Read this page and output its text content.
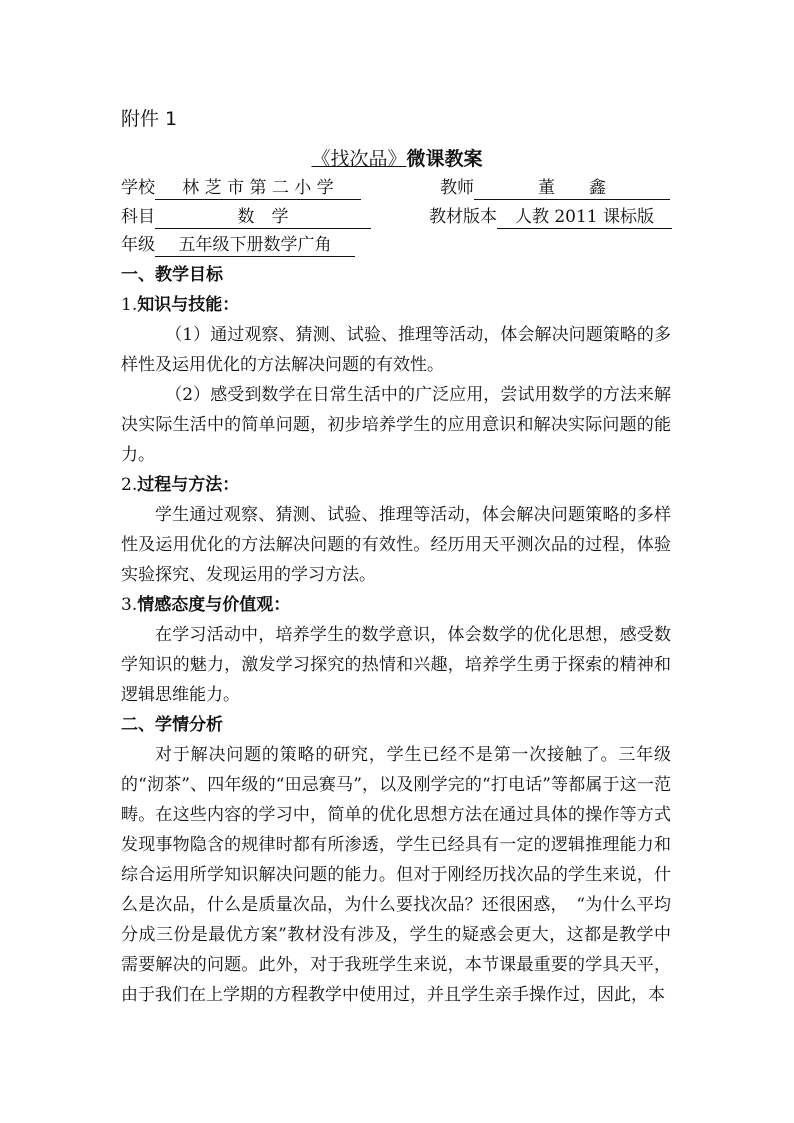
附件 1
《找次品》微课教案
学校 林 芝 市 第 二 小 学	教师	董　　鑫
科目	数　学	教材版本 人教 2011 课标版
年级 五年级下册数学广角

一、教学目标

1.知识与技能：

（1）通过观察、猜测、试验、推理等活动，体会解决问题策略的多样性及运用优化的方法解决问题的有效性。

（2）感受到数学在日常生活中的广泛应用，尝试用数学的方法来解决实际生活中的简单问题，初步培养学生的应用意识和解决实际问题的能力。

2.过程与方法：

学生通过观察、猜测、试验、推理等活动，体会解决问题策略的多样性及运用优化的方法解决问题的有效性。经历用天平测次品的过程，体验实验探究、发现运用的学习方法。

3.情感态度与价值观：

在学习活动中，培养学生的数学意识，体会数学的优化思想，感受数学知识的魅力，激发学习探究的热情和兴趣，培养学生勇于探索的精神和逻辑思维能力。

二、学情分析

对于解决问题的策略的研究，学生已经不是第一次接触了。三年级的“沏茶”、四年级的“田忌赛马”，以及刚学完的“打电话”等都属于这一范畴。在这些内容的学习中，简单的优化思想方法在通过具体的操作等方式发现事物隐含的规律时都有所渗透，学生已经具有一定的逻辑推理能力和综合运用所学知识解决问题的能力。但对于刚经历找次品的学生来说，什么是次品，什么是质量次品，为什么要找次品？还很困惑，　“为什么平均分成三份是最优方案”教材没有涉及，学生的疑惑会更大，这都是教学中需要解决的问题。此外，对于我班学生来说，本节课最重要的学具天平，由于我们在上学期的方程教学中使用过，并且学生亲手操作过，因此，本
